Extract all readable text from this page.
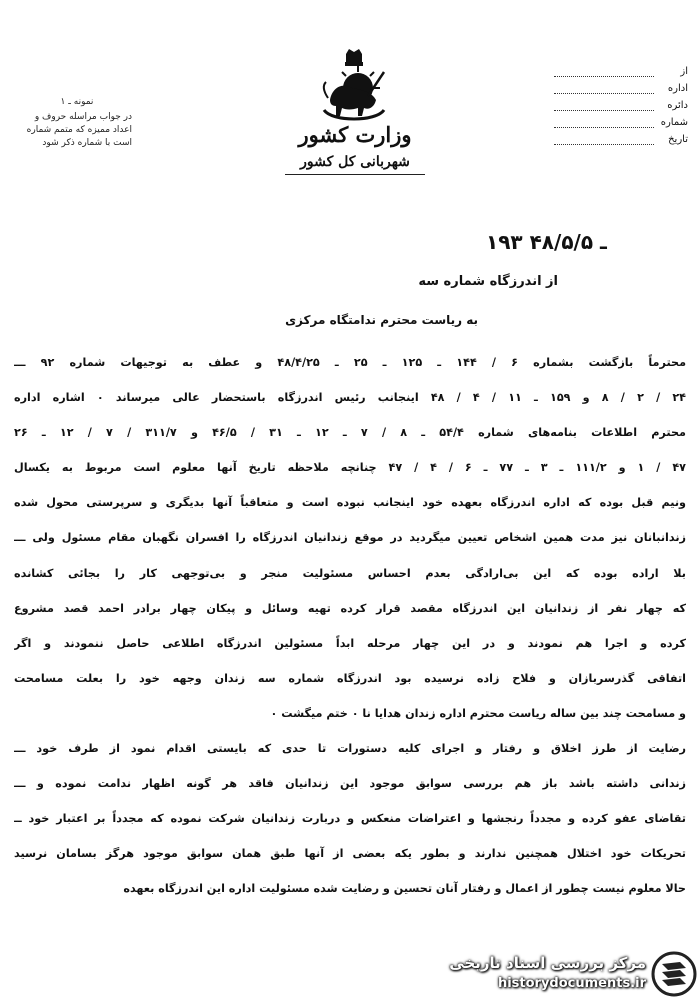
نمونه ـ ۱
در جواب مراسله حروف و
اعداد ممیزه که متمم شماره
است با شماره ذکر شود	وزارت کشور
شهربانی کل کشور
از
اداره
دائره
شماره
تاریخ
۱۹۳ ـ ۴۸/۵/۵
از اندرزگاه شماره سه
به ریاست محترم ندامتگاه مرکزی
محترماً بازگشت بشماره ۶ / ۱۴۴ ـ ۱۲۵ ـ ۲۵ ـ ۴۸/۴/۲۵ و عطف به توجیهات شماره ۹۲ ـــ
۲۴ / ۲ / ۸ و ۱۵۹ ـ ۱۱ / ۴ / ۴۸ اینجانب رئیس اندرزگاه باستحضار عالی میرساند ۰ اشاره اداره
محترم اطلاعات بنامه‌های شماره ۵۴/۴ ـ ۸ / ۷ ـ ۱۲ ـ ۳۱ / ۴۶/۵ و ۳۱۱/۷ / ۷ / ۱۲ ـ ۲۶
۴۷ / ۱ و ۱۱۱/۲ ـ ۳ ـ ۷۷ ـ ۶ / ۴ / ۴۷ چنانچه ملاحظه تاریخ آنها معلوم است مربوط به یکسال
ونیم قبل بوده که اداره اندرزگاه بعهده خود اینجانب نبوده است و متعاقباً آنها بدیگری و سرپرستی محول شده
زندانبانان نیز مدت همین اشخاص تعیین میگردید در موقع زندانیان اندرزگاه را افسران نگهبان مقام مسئول ولی ـــ
بلا اراده بوده که این بی‌ارادگی بعدم احساس مسئولیت منجر و بی‌توجهی کار را بجائی کشانده
که چهار نفر از زندانیان این اندرزگاه مقصد قرار کرده تهیه وسائل و پیکان چهار برادر احمد قصد مشروع
کرده و اجرا هم نمودند و در این چهار مرحله ابداً مسئولین اندرزگاه اطلاعی حاصل ننمودند و اگر
اتفاقی گذرسربازان و فلاح زاده نرسیده بود اندرزگاه شماره سه زندان وجهه خود را بعلت مسامحت
و مسامحت چند بین ساله ریاست محترم اداره زندان هدایا نا ۰ ختم میگشت ۰
رضایت از طرز اخلاق و رفتار و اجرای کلیه دستورات تا حدی که بایستی اقدام نمود از طرف خود ـــ
زندانی داشته باشد باز هم بررسی سوابق موجود این زندانیان فاقد هر گونه اظهار ندامت نموده و ـــ
تقاضای عفو کرده و مجدداً رنجشها و اعتراضات منعکس و دربارت زندانیان شرکت نموده که مجدداً بر اعتبار خود ــ
تحریکات خود اختلال همچنین ندارند و بطور یکه بعضی از آنها طبق همان سوابق موجود هرگز بسامان نرسید
حالا معلوم نیست چطور از اعمال و رفتار آنان تحسین و رضایت شده مسئولیت اداره این اندرزگاه بعهده
مرکز بررسی اسناد تاریخی
historydocuments.ir
